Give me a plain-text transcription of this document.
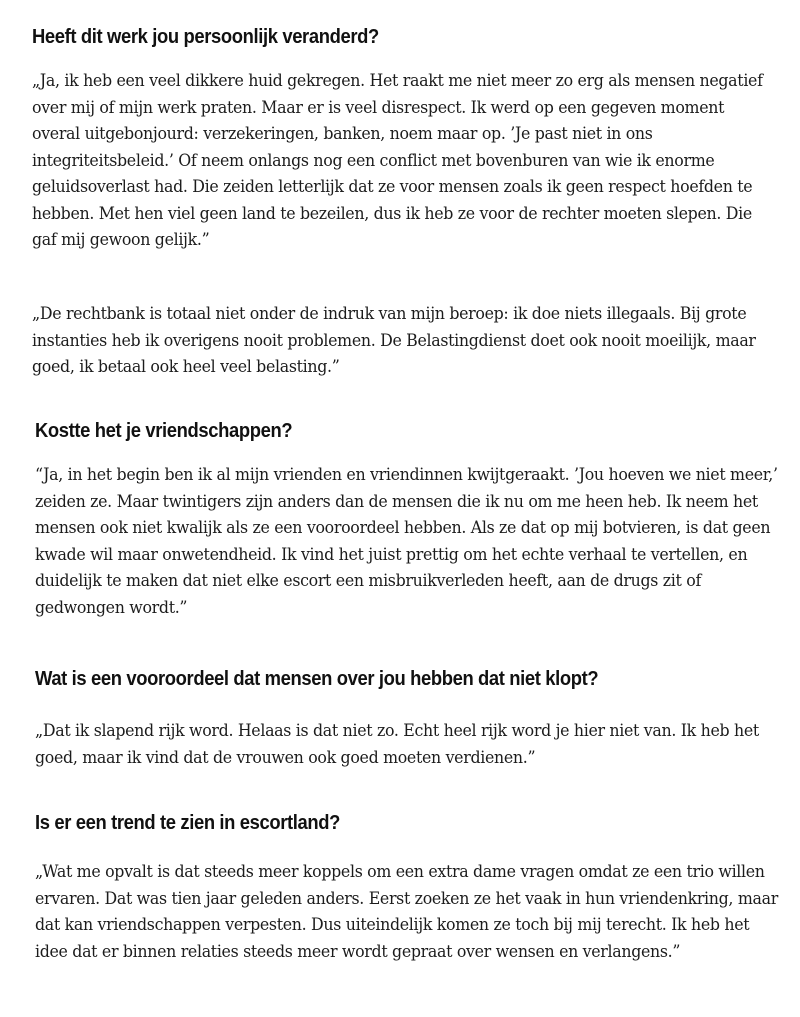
Heeft dit werk jou persoonlijk veranderd?

„Ja, ik heb een veel dikkere huid gekregen. Het raakt me niet meer zo erg als mensen negatief over mij of mijn werk praten. Maar er is veel disrespect. Ik werd op een gegeven moment overal uitgebonjourd: verzekeringen, banken, noem maar op. ’Je past niet in ons integriteitsbeleid.’ Of neem onlangs nog een conflict met bovenburen van wie ik enorme geluidsoverlast had. Die zeiden letterlijk dat ze voor mensen zoals ik geen respect hoefden te hebben. Met hen viel geen land te bezeilen, dus ik heb ze voor de rechter moeten slepen. Die gaf mij gewoon gelijk.”

„De rechtbank is totaal niet onder de indruk van mijn beroep: ik doe niets illegaals. Bij grote instanties heb ik overigens nooit problemen. De Belastingdienst doet ook nooit moeilijk, maar goed, ik betaal ook heel veel belasting.”

Kostte het je vriendschappen?

“Ja, in het begin ben ik al mijn vrienden en vriendinnen kwijtgeraakt. ’Jou hoeven we niet meer,’ zeiden ze. Maar twintigers zijn anders dan de mensen die ik nu om me heen heb. Ik neem het mensen ook niet kwalijk als ze een vooroordeel hebben. Als ze dat op mij botvieren, is dat geen kwade wil maar onwetendheid. Ik vind het juist prettig om het echte verhaal te vertellen, en duidelijk te maken dat niet elke escort een misbruikverleden heeft, aan de drugs zit of gedwongen wordt.”

Wat is een vooroordeel dat mensen over jou hebben dat niet klopt?

„Dat ik slapend rijk word. Helaas is dat niet zo. Echt heel rijk word je hier niet van. Ik heb het goed, maar ik vind dat de vrouwen ook goed moeten verdienen.”

Is er een trend te zien in escortland?

„Wat me opvalt is dat steeds meer koppels om een extra dame vragen omdat ze een trio willen ervaren. Dat was tien jaar geleden anders. Eerst zoeken ze het vaak in hun vriendenkring, maar dat kan vriendschappen verpesten. Dus uiteindelijk komen ze toch bij mij terecht. Ik heb het idee dat er binnen relaties steeds meer wordt gepraat over wensen en verlangens.”
